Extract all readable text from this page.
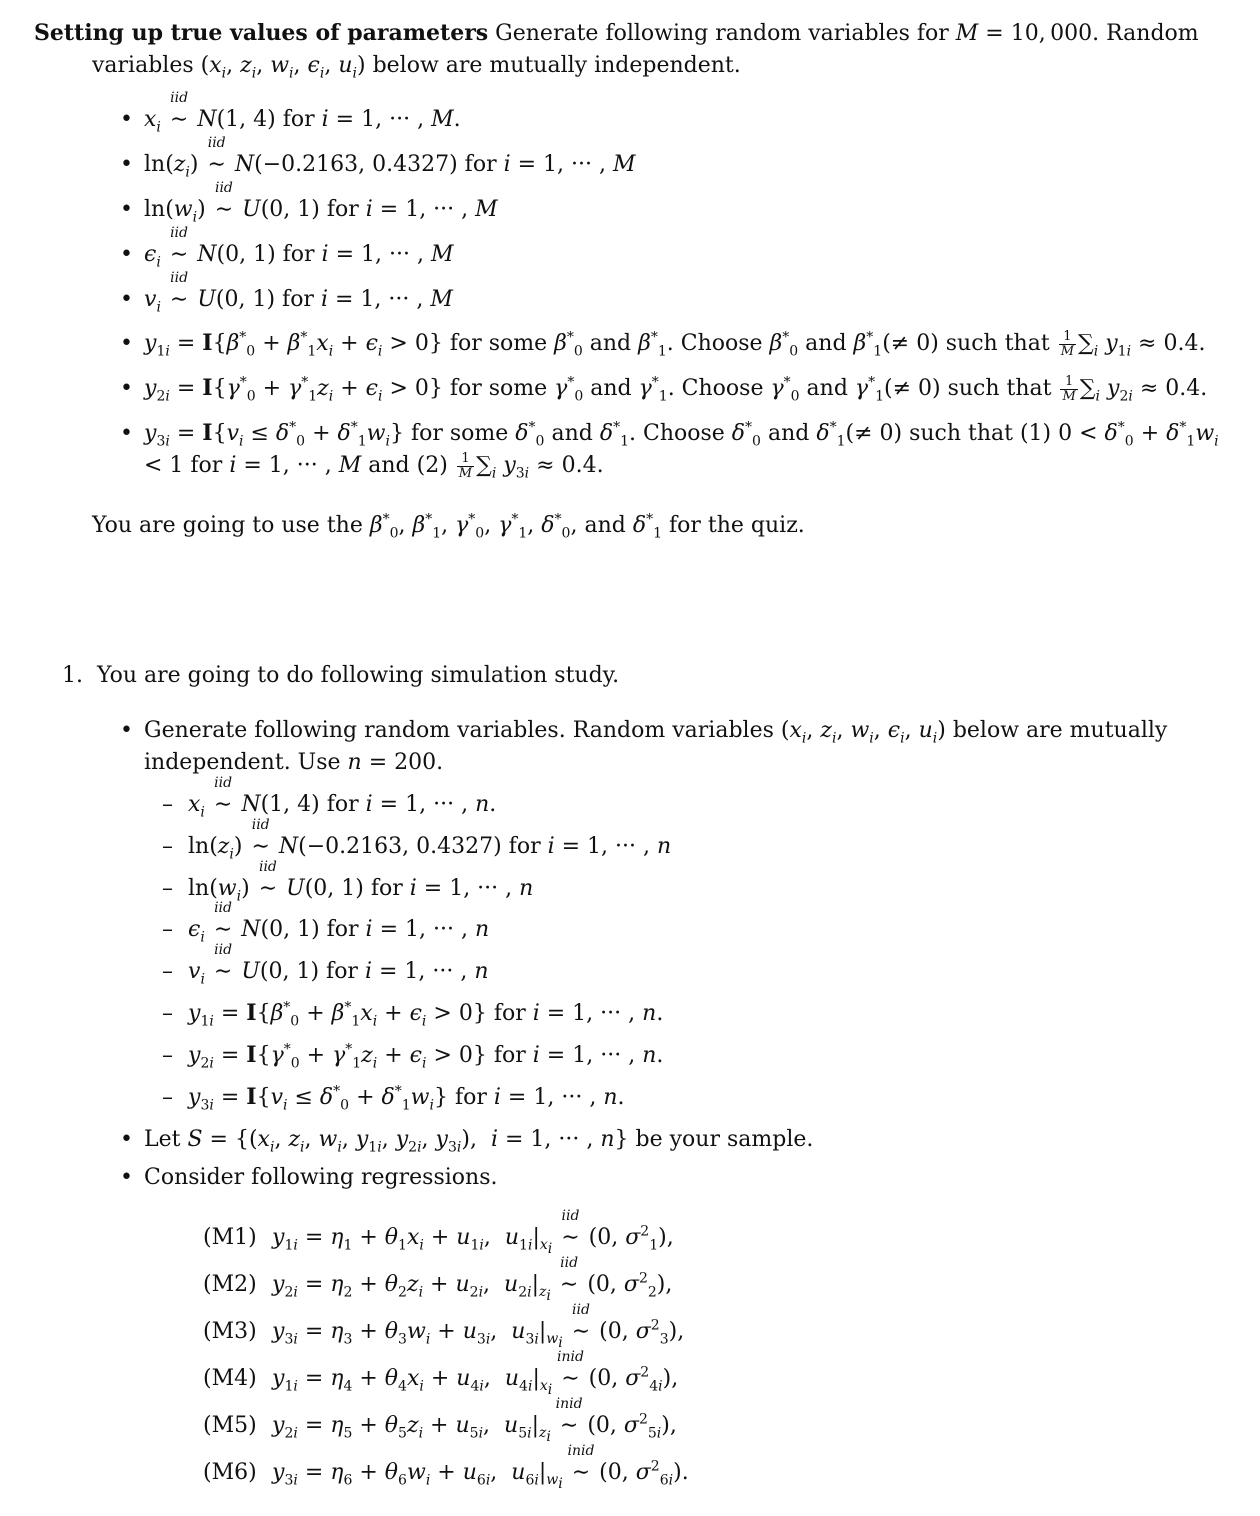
Setting up true values of parameters Generate following random variables for M = 10, 000. Random variables ($x_i$, $z_i$, $w_i$, $\epsilon_i$, $u_i$) below are mutually independent.

• $x_i$ ∼
iid
N(1, 4) for i = 1, ··· , M.
• $\ln(z_i)$ ∼
iid
N(−0.2163, 0.4327) for i = 1, ··· , M
• $\ln(w_i)$ ∼
iid
U(0, 1) for i = 1, ··· , M
• $\epsilon_i$ ∼
iid
N(0, 1) for i = 1, ··· , M
• $v_i$ ∼
iid
U(0, 1) for i = 1, ··· , M
• $y_{1i} = I\{\beta^*_0 + \beta^*_1x_i + \epsilon_i > 0\}$ for some $\beta^*_0$ and $\beta^*_1$. Choose $\beta^*_0$ and $\beta^*_1(\ne 0)$ such that $\frac{1}{M} \sum_i$ $y_{1i} \approx 0.4$.
• $y_{2i} = I\{\gamma^*_0 + \gamma^*_1z_i + \epsilon_i > 0\}$ for some $\gamma^*_0$ and $\gamma^*_1$. Choose $\gamma^*_0$ and $\gamma^*_1(\ne 0)$ such that $\frac{1}{M} \sum_i$ $y_{2i} \approx 0.4$.
• $y_{3i} = I\{v_i \le \delta^*_0 + \delta^*_1w_i\}$ for some $\delta^*_0$ and $\delta^*_1$. Choose $\delta^*_0$ and $\delta^*_1(\ne 0)$ such that (1) $0 < \delta^*_0 + \delta^*_1w_i < 1$ for i = 1, ··· , M and $(2) \frac{1}{M} \sum_i$ $y_{3i} \approx 0.4$.

You are going to use the $\beta^*_0$, $\beta^*_1$, $\gamma^*_0$, $\gamma^*_1$, $\delta^*_0$, and $\delta^*_1$ for the quiz.

1. You are going to do following simulation study.

• Generate following random variables. Random variables ($x_i$, $z_i$, $w_i$, $\epsilon_i$, $u_i$) below are mutually independent. Use n = 200.
– $x_i$ ∼
iid
N(1, 4) for i = 1, ··· , n.
– $\ln(z_i)$ ∼
iid
N(−0.2163, 0.4327) for i = 1, ··· , n
– $\ln(w_i)$ ∼
iid
U(0, 1) for i = 1, ··· , n
– $\epsilon_i$ ∼
iid
N(0, 1) for i = 1, ··· , n
– $v_i$ ∼
iid
U(0, 1) for i = 1, ··· , n
– $y_{1i} = I\{\beta^*_0 + \beta^*_1x_i + \epsilon_i > 0\}$ for i = 1, ··· , n.
– $y_{2i} = I\{\gamma^*_0 + \gamma^*_1z_i + \epsilon_i > 0\}$ for i = 1, ··· , n.
– $y_{3i} = I\{v_i \le \delta^*_0 + \delta^*_1w_i\}$ for i = 1, ··· , n.
• Let $S = \{(x_i$, $z_i$, $w_i$, $y_{1i}$, $y_{2i}$, $y_{3i}$),  i = 1, ··· , n} be your sample.
• Consider following regressions.
(M1) $y_{1i} = \eta_1 + \theta_1x_i + u_{1i}$,  $u_{1i}|_{x_i}$ ∼
iid
(0, $\sigma^2_1$),
(M2) $y_{2i} = \eta_2 + \theta_2z_i + u_{2i}$,  $u_{2i}|_{z_i}$ ∼
iid
(0, $\sigma^2_2$),
(M3) $y_{3i} = \eta_3 + \theta_3w_i + u_{3i}$,  $u_{3i}|_{w_i}$ ∼
iid
(0, $\sigma^2_3$),
(M4) $y_{1i} = \eta_4 + \theta_4x_i + u_{4i}$,  $u_{4i}|_{x_i}$ ∼
inid
(0, $\sigma^2_{4i}$),
(M5) $y_{2i} = \eta_5 + \theta_5z_i + u_{5i}$,  $u_{5i}|_{z_i}$ ∼
inid
(0, $\sigma^2_{5i}$),
(M6) $y_{3i} = \eta_6 + \theta_6w_i + u_{6i}$,  $u_{6i}|_{w_i}$ ∼
inid
(0, $\sigma^2_{6i}$).
